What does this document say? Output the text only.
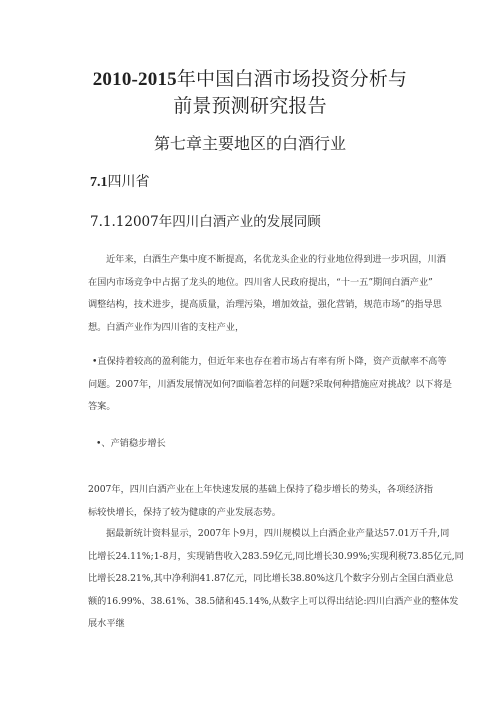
2010-2015年中国白酒市场投资分析与
前景预测研究报告
第七章主要地区的白酒行业
7.1四川省
7.1.12007年四川白酒产业的发展同顾

近年来，白酒生产集中度不断提高，名优龙头企业的行业地位得到进一步巩固，川酒
在国内市场竞争中占据了龙头的地位。四川省人民政府提出，“十一五”期间白酒产业”
调整结构，技术进步，提高质量，治理污染，增加效益，强化营销，规范市场”的指导思
想。白酒产业作为四川省的支柱产业，

•直保持着较高的盈利能力，但近年来也存在着市场占有率有所卜降，资产贡献率不高等
问题。2007年，川酒发展情况如何?面临着怎样的问题?采取何种措施应对挑战？以下将是
答案。

•、产销稳步增长

2007年，四川白酒产业在上年快速发展的基础上保持了稳步增长的势头，各项经济指
标较快增长，保持了较为健康的产业发展态势。

据最新统计资料显示，2007年卜9月，四川规模以上白酒企业产量达57.01万千升,同
比增长24.11%;1-8月，实现销售收入283.59亿元,同比增长30.99%;实现利税73.85亿元,同
比增长28.21%,其中净利润41.87亿元，同比增长38.80%这几个数字分别占全国白酒业总
额的16.99%、38.61%、38.5储和45.14%,从数字上可以得出结论:四川白酒产业的整体发
展水平继
